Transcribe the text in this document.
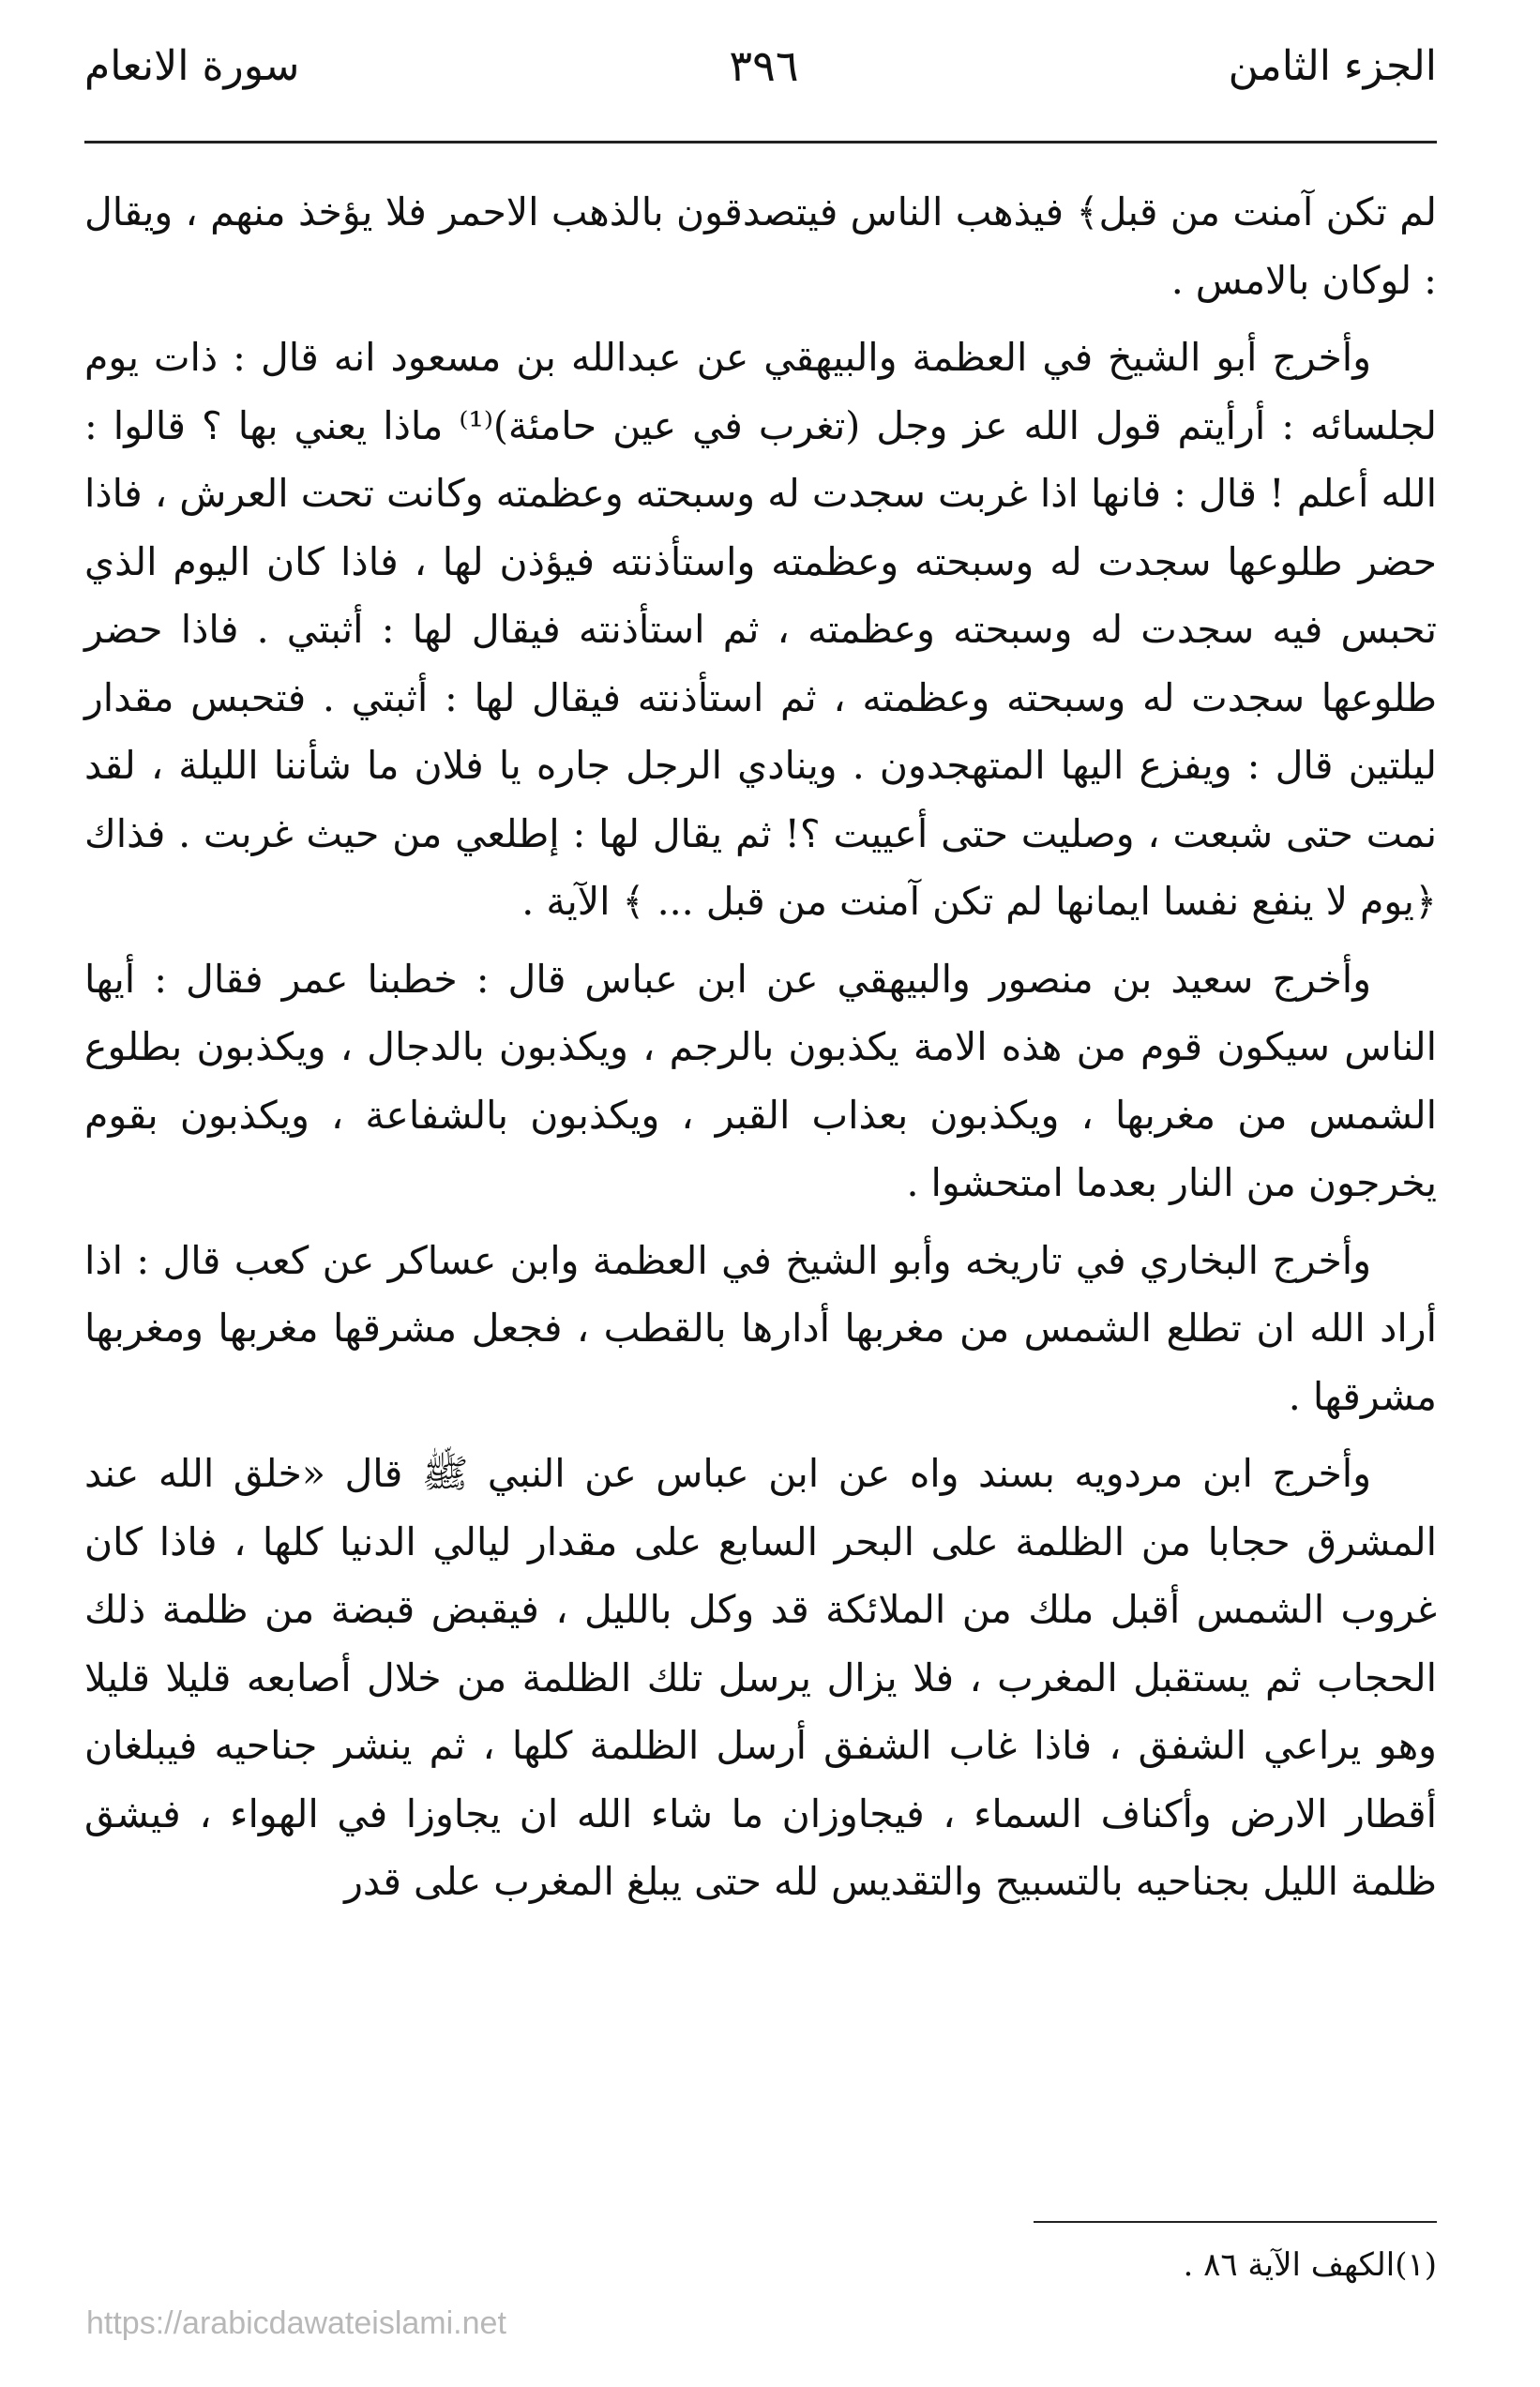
الجزء الثامن
٣٩٦
سورة الانعام

لم تكن آمنت من قبل﴾ فيذهب الناس فيتصدقون بالذهب الاحمر فلا يؤخذ منهم ، ويقال : لوكان بالامس .

وأخرج أبو الشيخ في العظمة والبيهقي عن عبدالله بن مسعود انه قال : ذات يوم لجلسائه : أرأيتم قول الله عز وجل (تغرب في عين حامئة)⁽¹⁾ ماذا يعني بها ؟ قالوا : الله أعلم ! قال : فانها اذا غربت سجدت له وسبحته وعظمته وكانت تحت العرش ، فاذا حضر طلوعها سجدت له وسبحته وعظمته واستأذنته فيؤذن لها ، فاذا كان اليوم الذي تحبس فيه سجدت له وسبحته وعظمته ، ثم استأذنته فيقال لها : أثبتي . فاذا حضر طلوعها سجدت له وسبحته وعظمته ، ثم استأذنته فيقال لها : أثبتي . فتحبس مقدار ليلتين قال : ويفزع اليها المتهجدون . وينادي الرجل جاره يا فلان ما شأننا الليلة ، لقد نمت حتى شبعت ، وصليت حتى أعييت ؟! ثم يقال لها : إطلعي من حيث غربت . فذاك ﴿يوم لا ينفع نفسا ايمانها لم تكن آمنت من قبل ... ﴾ الآية .

وأخرج سعيد بن منصور والبيهقي عن ابن عباس قال : خطبنا عمر فقال : أيها الناس سيكون قوم من هذه الامة يكذبون بالرجم ، ويكذبون بالدجال ، ويكذبون بطلوع الشمس من مغربها ، ويكذبون بعذاب القبر ، ويكذبون بالشفاعة ، ويكذبون بقوم يخرجون من النار بعدما امتحشوا .

وأخرج البخاري في تاريخه وأبو الشيخ في العظمة وابن عساكر عن كعب قال : اذا أراد الله ان تطلع الشمس من مغربها أدارها بالقطب ، فجعل مشرقها مغربها ومغربها مشرقها .

وأخرج ابن مردويه بسند واه عن ابن عباس عن النبي ﷺ قال «خلق الله عند المشرق حجابا من الظلمة على البحر السابع على مقدار ليالي الدنيا كلها ، فاذا كان غروب الشمس أقبل ملك من الملائكة قد وكل بالليل ، فيقبض قبضة من ظلمة ذلك الحجاب ثم يستقبل المغرب ، فلا يزال يرسل تلك الظلمة من خلال أصابعه قليلا قليلا وهو يراعي الشفق ، فاذا غاب الشفق أرسل الظلمة كلها ، ثم ينشر جناحيه فيبلغان أقطار الارض وأكناف السماء ، فيجاوزان ما شاء الله ان يجاوزا في الهواء ، فيشق ظلمة الليل بجناحيه بالتسبيح والتقديس لله حتى يبلغ المغرب على قدر

(١)الكهف الآية ٨٦ .
https://arabicdawateislami.net
